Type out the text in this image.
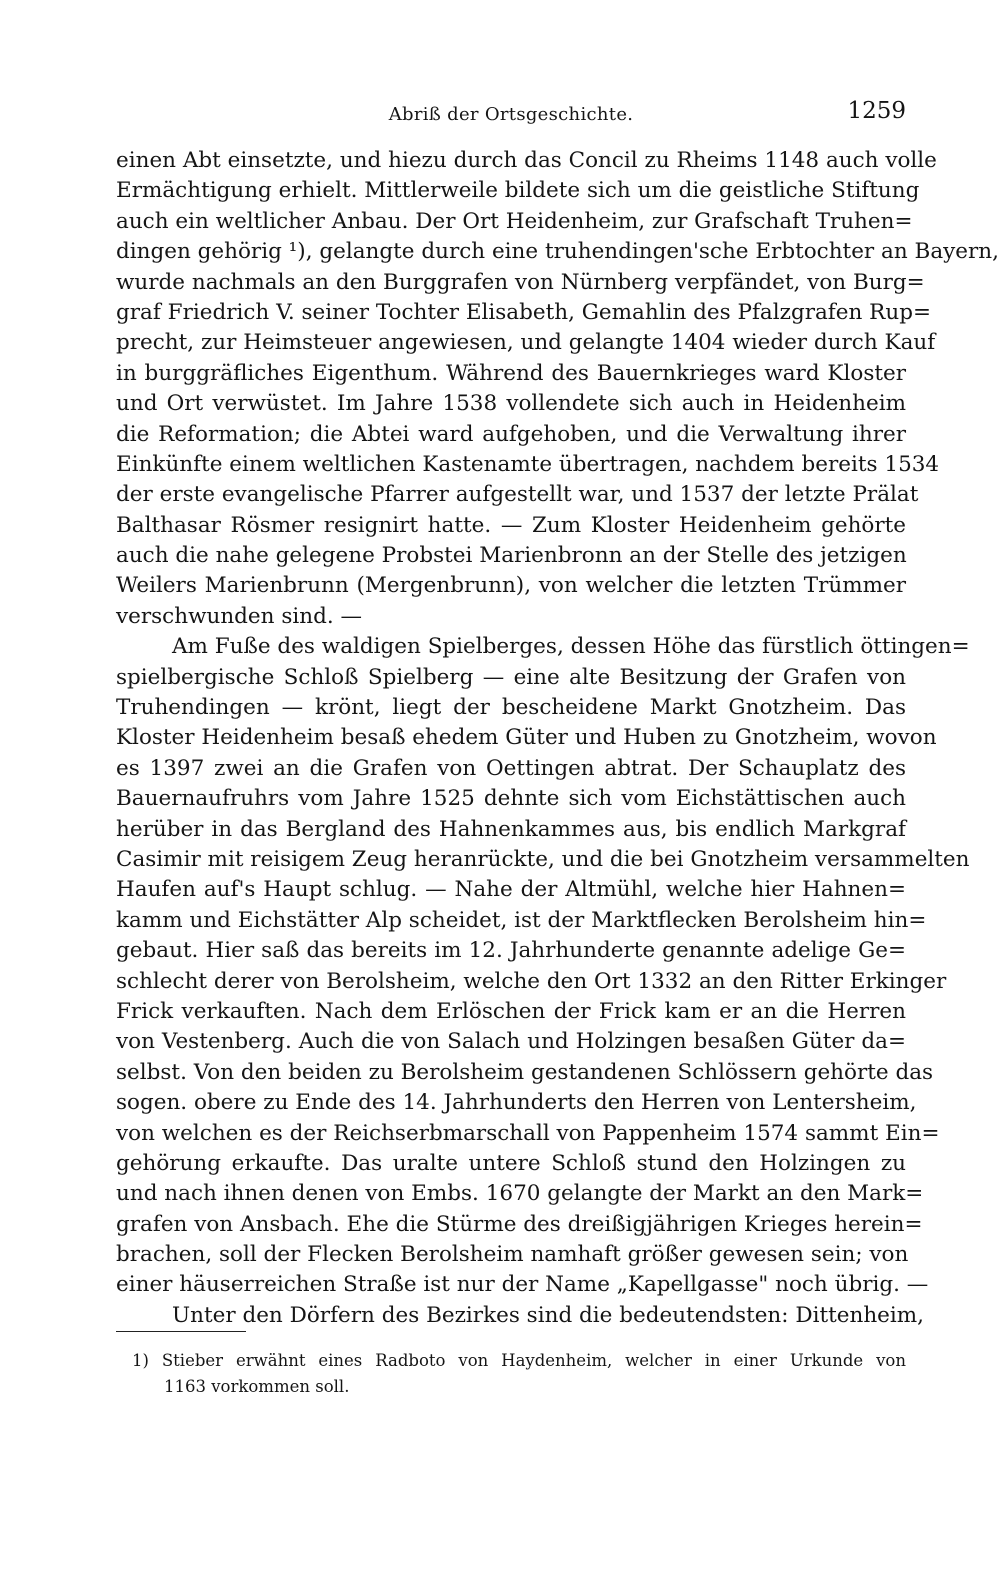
Abriß der Ortsgeschichte.	1259
einen Abt einsetzte, und hiezu durch das Concil zu Rheims 1148 auch volle
Ermächtigung erhielt. Mittlerweile bildete sich um die geistliche Stiftung
auch ein weltlicher Anbau. Der Ort Heidenheim, zur Grafschaft Truhen=
dingen gehörig ¹), gelangte durch eine truhendingen'sche Erbtochter an Bayern,
wurde nachmals an den Burggrafen von Nürnberg verpfändet, von Burg=
graf Friedrich V. seiner Tochter Elisabeth, Gemahlin des Pfalzgrafen Rup=
precht, zur Heimsteuer angewiesen, und gelangte 1404 wieder durch Kauf
in burggräfliches Eigenthum. Während des Bauernkrieges ward Kloster
und Ort verwüstet. Im Jahre 1538 vollendete sich auch in Heidenheim
die Reformation; die Abtei ward aufgehoben, und die Verwaltung ihrer
Einkünfte einem weltlichen Kastenamte übertragen, nachdem bereits 1534
der erste evangelische Pfarrer aufgestellt war, und 1537 der letzte Prälat
Balthasar Rösmer resignirt hatte. — Zum Kloster Heidenheim gehörte
auch die nahe gelegene Probstei Marienbronn an der Stelle des jetzigen
Weilers Marienbrunn (Mergenbrunn), von welcher die letzten Trümmer
verschwunden sind. —
Am Fuße des waldigen Spielberges, dessen Höhe das fürstlich öttingen=
spielbergische Schloß Spielberg — eine alte Besitzung der Grafen von
Truhendingen — krönt, liegt der bescheidene Markt Gnotzheim. Das
Kloster Heidenheim besaß ehedem Güter und Huben zu Gnotzheim, wovon
es 1397 zwei an die Grafen von Oettingen abtrat. Der Schauplatz des
Bauernaufruhrs vom Jahre 1525 dehnte sich vom Eichstättischen auch
herüber in das Bergland des Hahnenkammes aus, bis endlich Markgraf
Casimir mit reisigem Zeug heranrückte, und die bei Gnotzheim versammelten
Haufen auf's Haupt schlug. — Nahe der Altmühl, welche hier Hahnen=
kamm und Eichstätter Alp scheidet, ist der Marktflecken Berolsheim hin=
gebaut. Hier saß das bereits im 12. Jahrhunderte genannte adelige Ge=
schlecht derer von Berolsheim, welche den Ort 1332 an den Ritter Erkinger
Frick verkauften. Nach dem Erlöschen der Frick kam er an die Herren
von Vestenberg. Auch die von Salach und Holzingen besaßen Güter da=
selbst. Von den beiden zu Berolsheim gestandenen Schlössern gehörte das
sogen. obere zu Ende des 14. Jahrhunderts den Herren von Lentersheim,
von welchen es der Reichserbmarschall von Pappenheim 1574 sammt Ein=
gehörung erkaufte. Das uralte untere Schloß stund den Holzingen zu
und nach ihnen denen von Embs. 1670 gelangte der Markt an den Mark=
grafen von Ansbach. Ehe die Stürme des dreißigjährigen Krieges herein=
brachen, soll der Flecken Berolsheim namhaft größer gewesen sein; von
einer häuserreichen Straße ist nur der Name „Kapellgasse" noch übrig. —
Unter den Dörfern des Bezirkes sind die bedeutendsten: Dittenheim,
1) Stieber erwähnt eines Radboto von Haydenheim, welcher in einer Urkunde von
1163 vorkommen soll.
